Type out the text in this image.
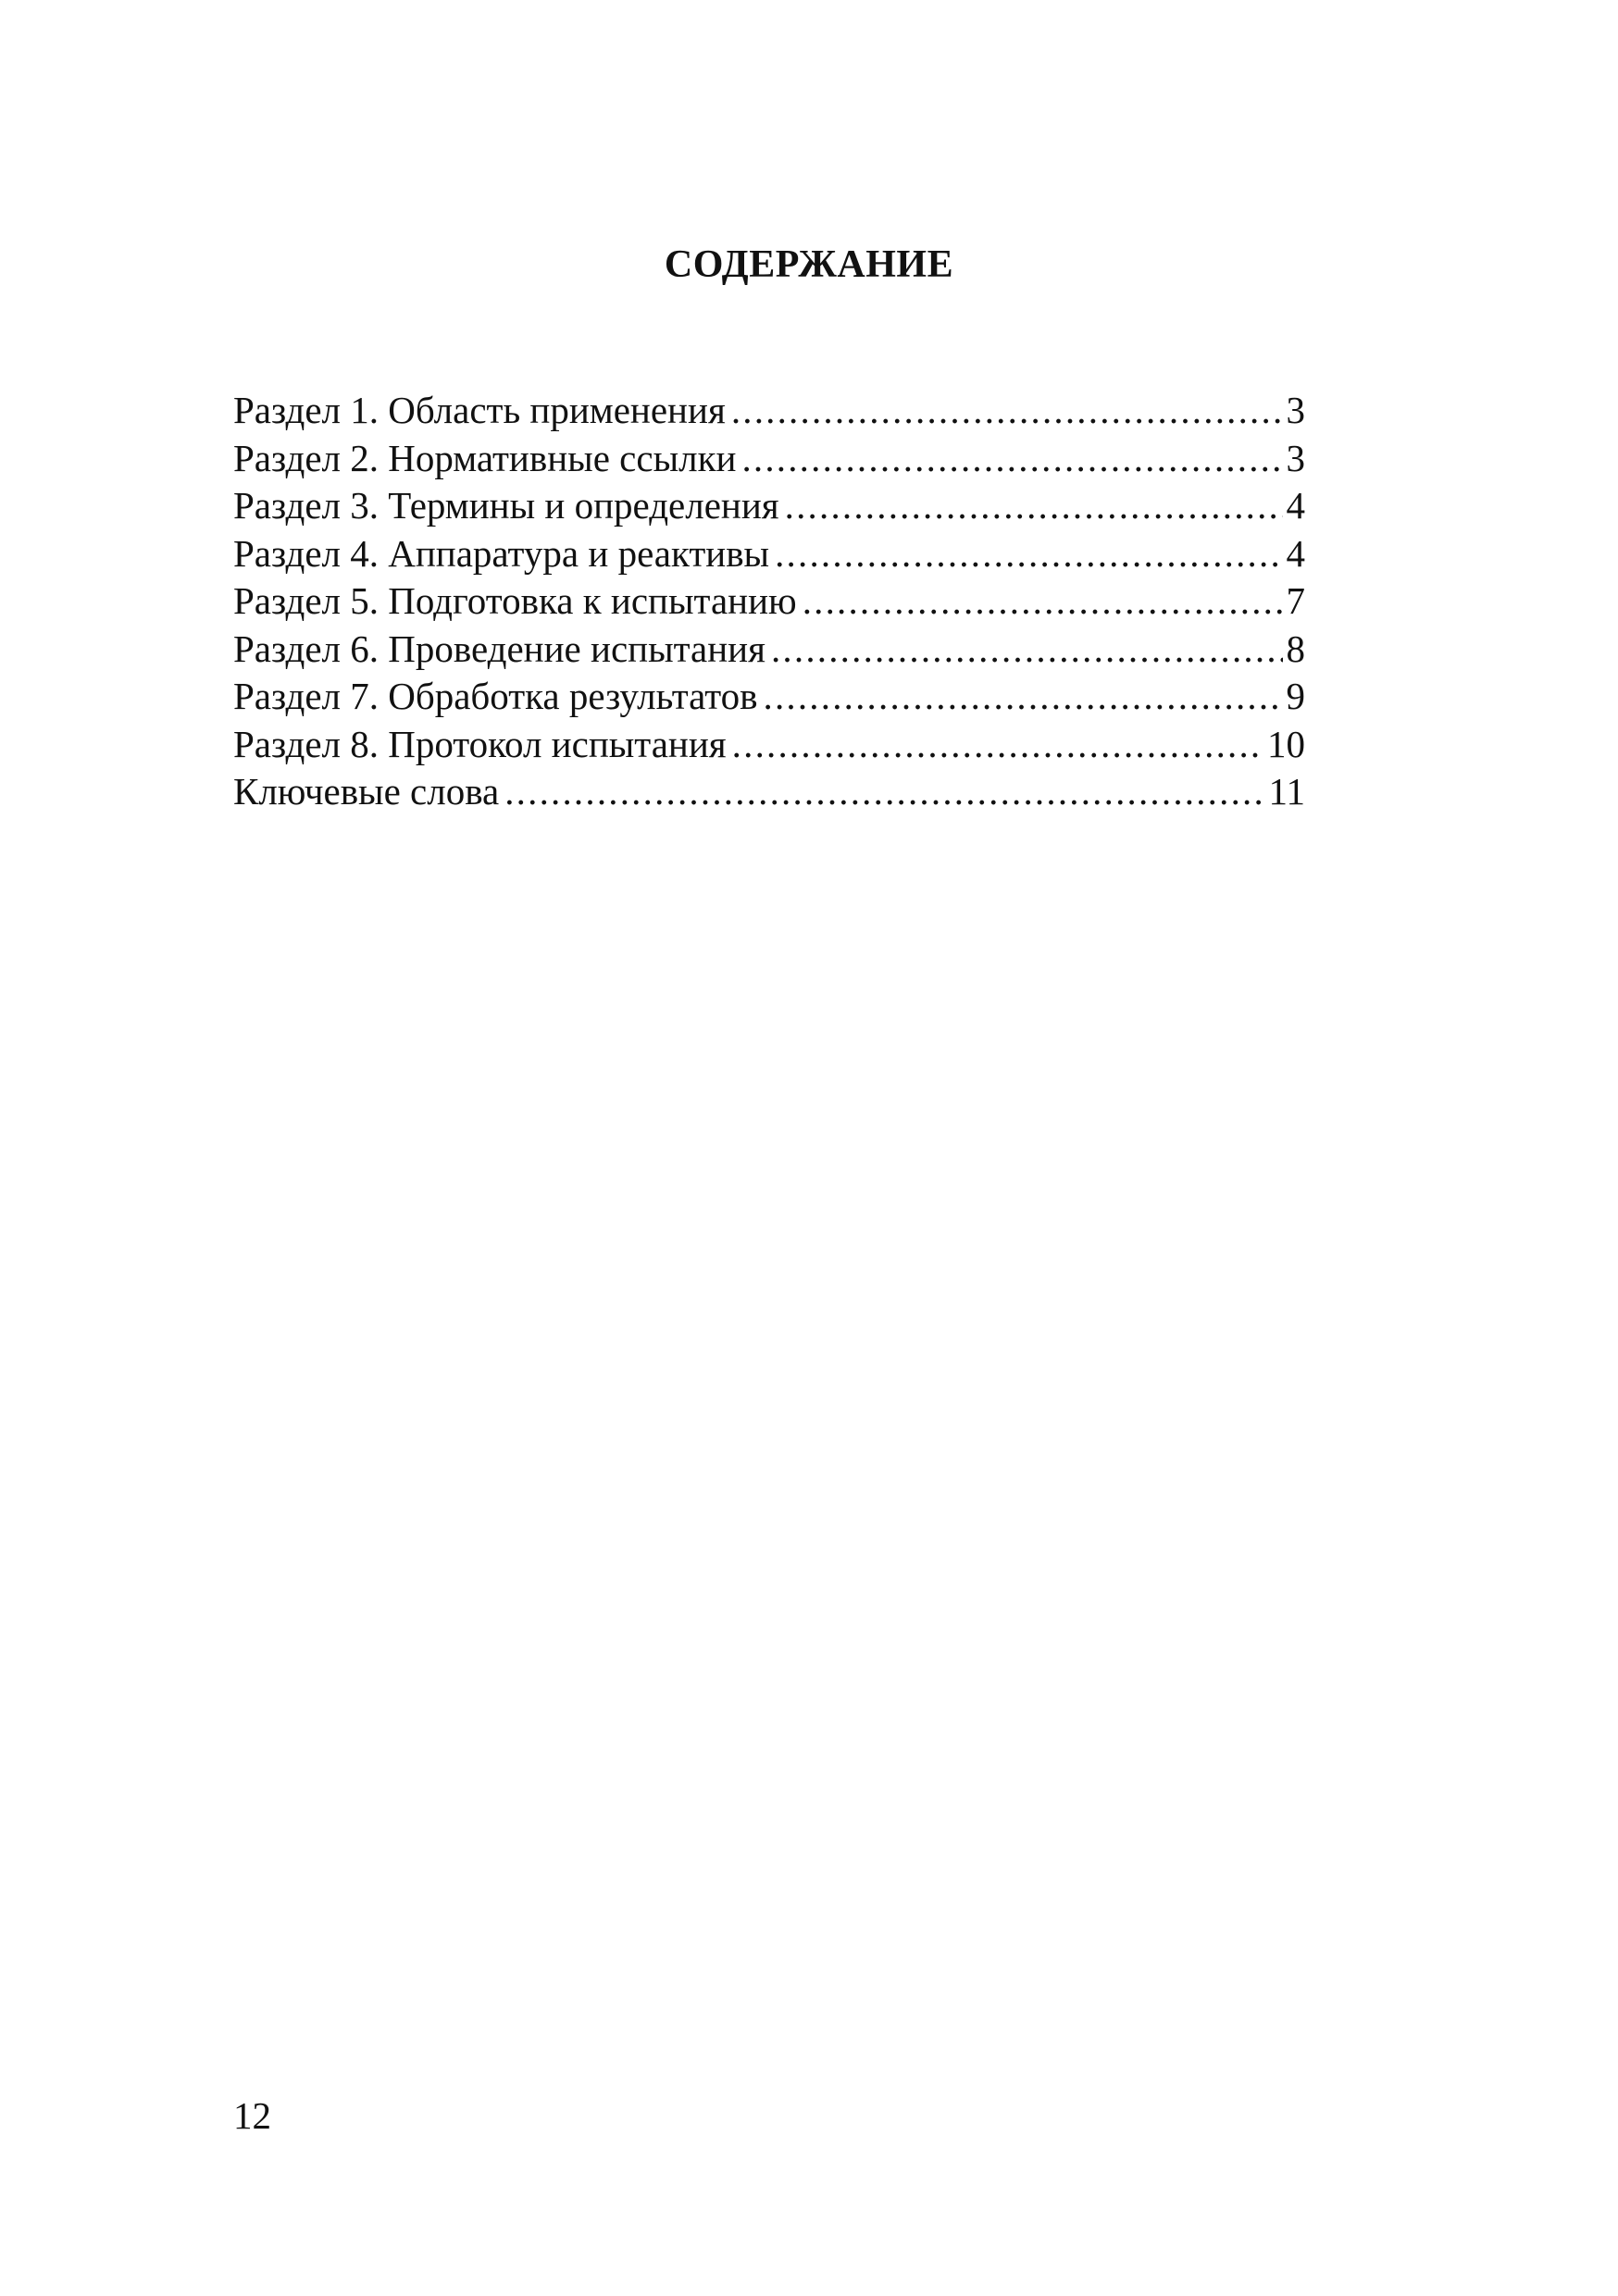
СОДЕРЖАНИЕ
Раздел 1. Область применения .....	3
Раздел 2. Нормативные ссылки .....	3
Раздел 3. Термины и определения .....	4
Раздел 4. Аппаратура и реактивы .....	4
Раздел 5. Подготовка к испытанию .....	7
Раздел 6. Проведение испытания .....	8
Раздел 7. Обработка результатов .....	9
Раздел 8. Протокол испытания .....	10
Ключевые слова .....	11
12
